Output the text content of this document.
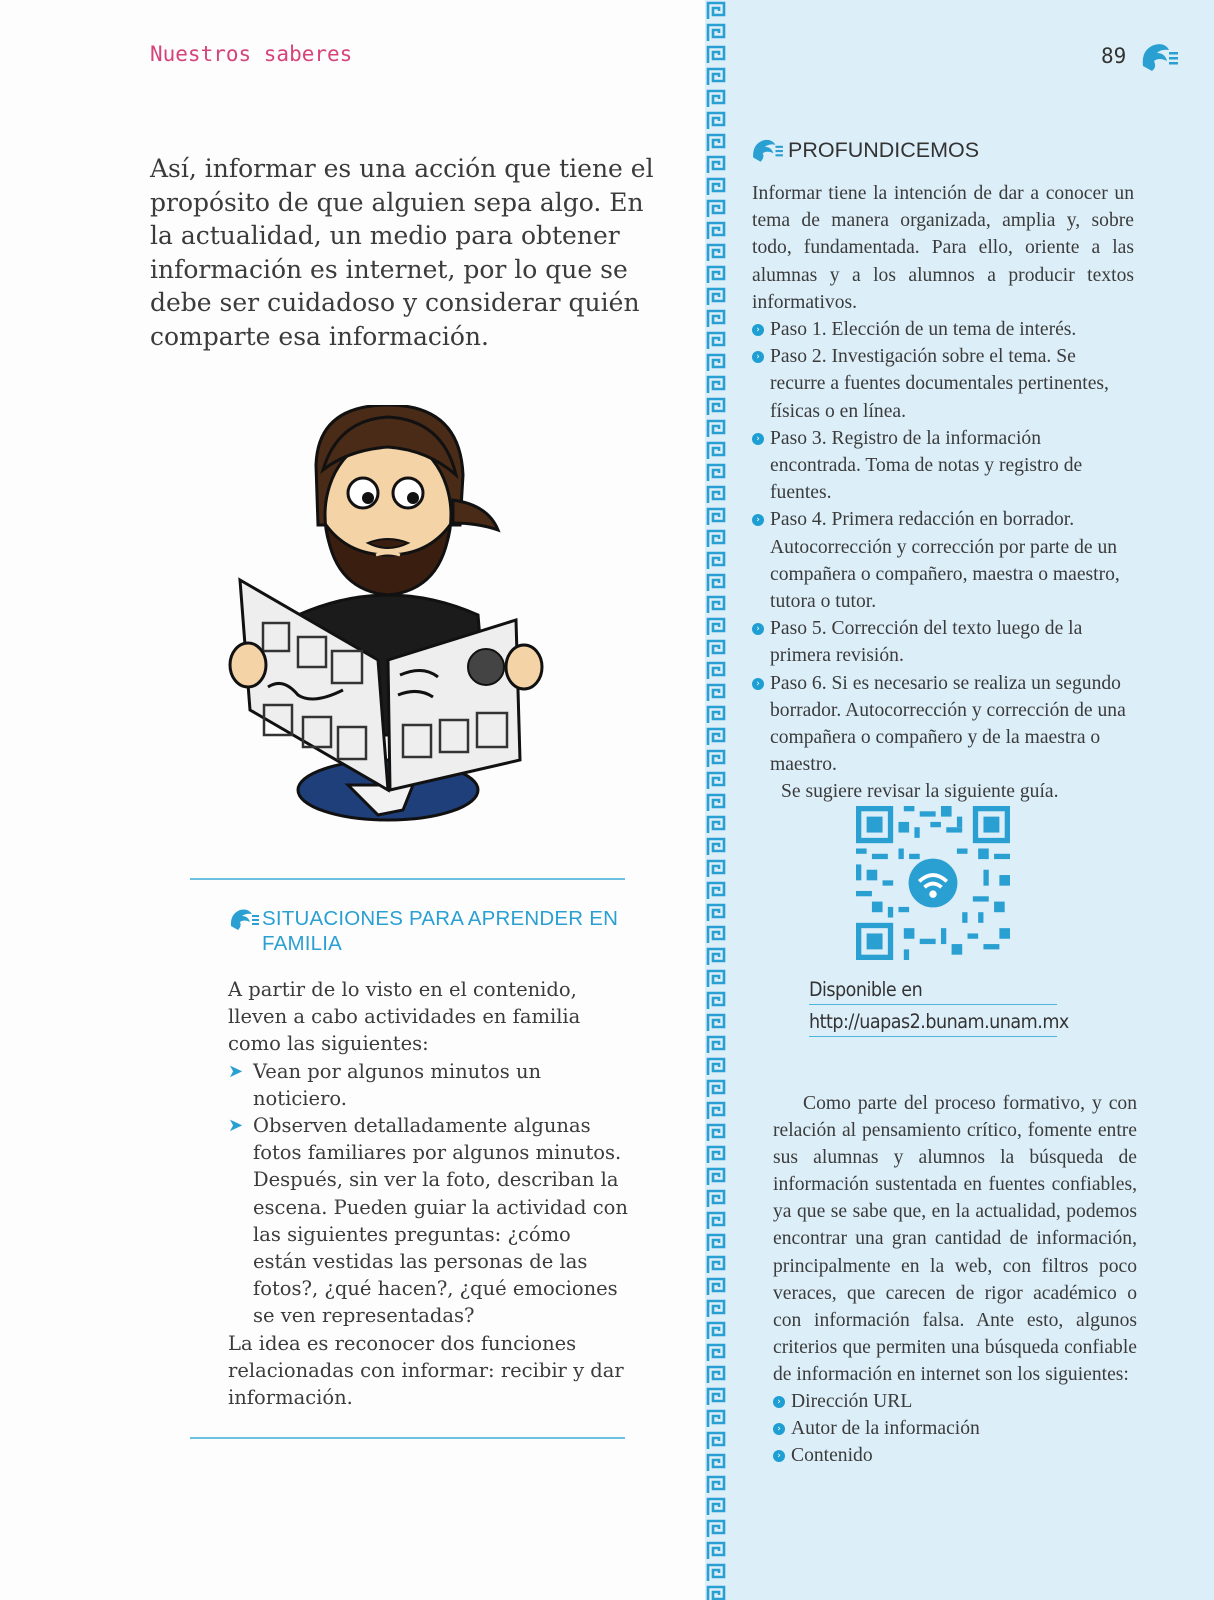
Nuestros saberes

Así, informar es una acción que tiene el propósito de que alguien sepa algo. En la actualidad, un medio para obtener información es internet, por lo que se debe ser cuidadoso y considerar quién comparte esa información.

SITUACIONES PARA APRENDER EN FAMILIA

A partir de lo visto en el contenido, lleven a cabo actividades en familia como las siguientes:

➤ Vean por algunos minutos un noticiero.
➤ Observen detalladamente algunas fotos familiares por algunos minutos. Después, sin ver la foto, describan la escena. Pueden guiar la actividad con las siguientes preguntas: ¿cómo están vestidas las personas de las fotos?, ¿qué hacen?, ¿qué emociones se ven representadas?

La idea es reconocer dos funciones relacionadas con informar: recibir y dar información.

89
PROFUNDICEMOS

Informar tiene la intención de dar a conocer un tema de manera organizada, amplia y, sobre todo, fundamentada. Para ello, oriente a las alumnas y a los alumnos a producir textos informativos.

› Paso 1. Elección de un tema de interés.
› Paso 2. Investigación sobre el tema. Se recurre a fuentes documentales pertinentes, físicas o en línea.
› Paso 3. Registro de la información encontrada. Toma de notas y registro de fuentes.
› Paso 4. Primera redacción en borrador. Autocorrección y corrección por parte de un compañera o compañero, maestra o maestro, tutora o tutor.
› Paso 5. Corrección del texto luego de la primera revisión.
› Paso 6. Si es necesario se realiza un segundo borrador. Autocorrección y corrección de una compañera o compañero y de la maestra o maestro.
Se sugiere revisar la siguiente guía.
Disponible en
http://uapas2.bunam.unam.mx

Como parte del proceso formativo, y con relación al pensamiento crítico, fomente entre sus alumnas y alumnos la búsqueda de información sustentada en fuentes confiables, ya que se sabe que, en la actualidad, podemos encontrar una gran cantidad de información, principalmente en la web, con filtros poco veraces, que carecen de rigor académico o con información falsa. Ante esto, algunos criterios que permiten una búsqueda confiable de información en internet son los siguientes:

› Dirección URL
› Autor de la información
› Contenido
